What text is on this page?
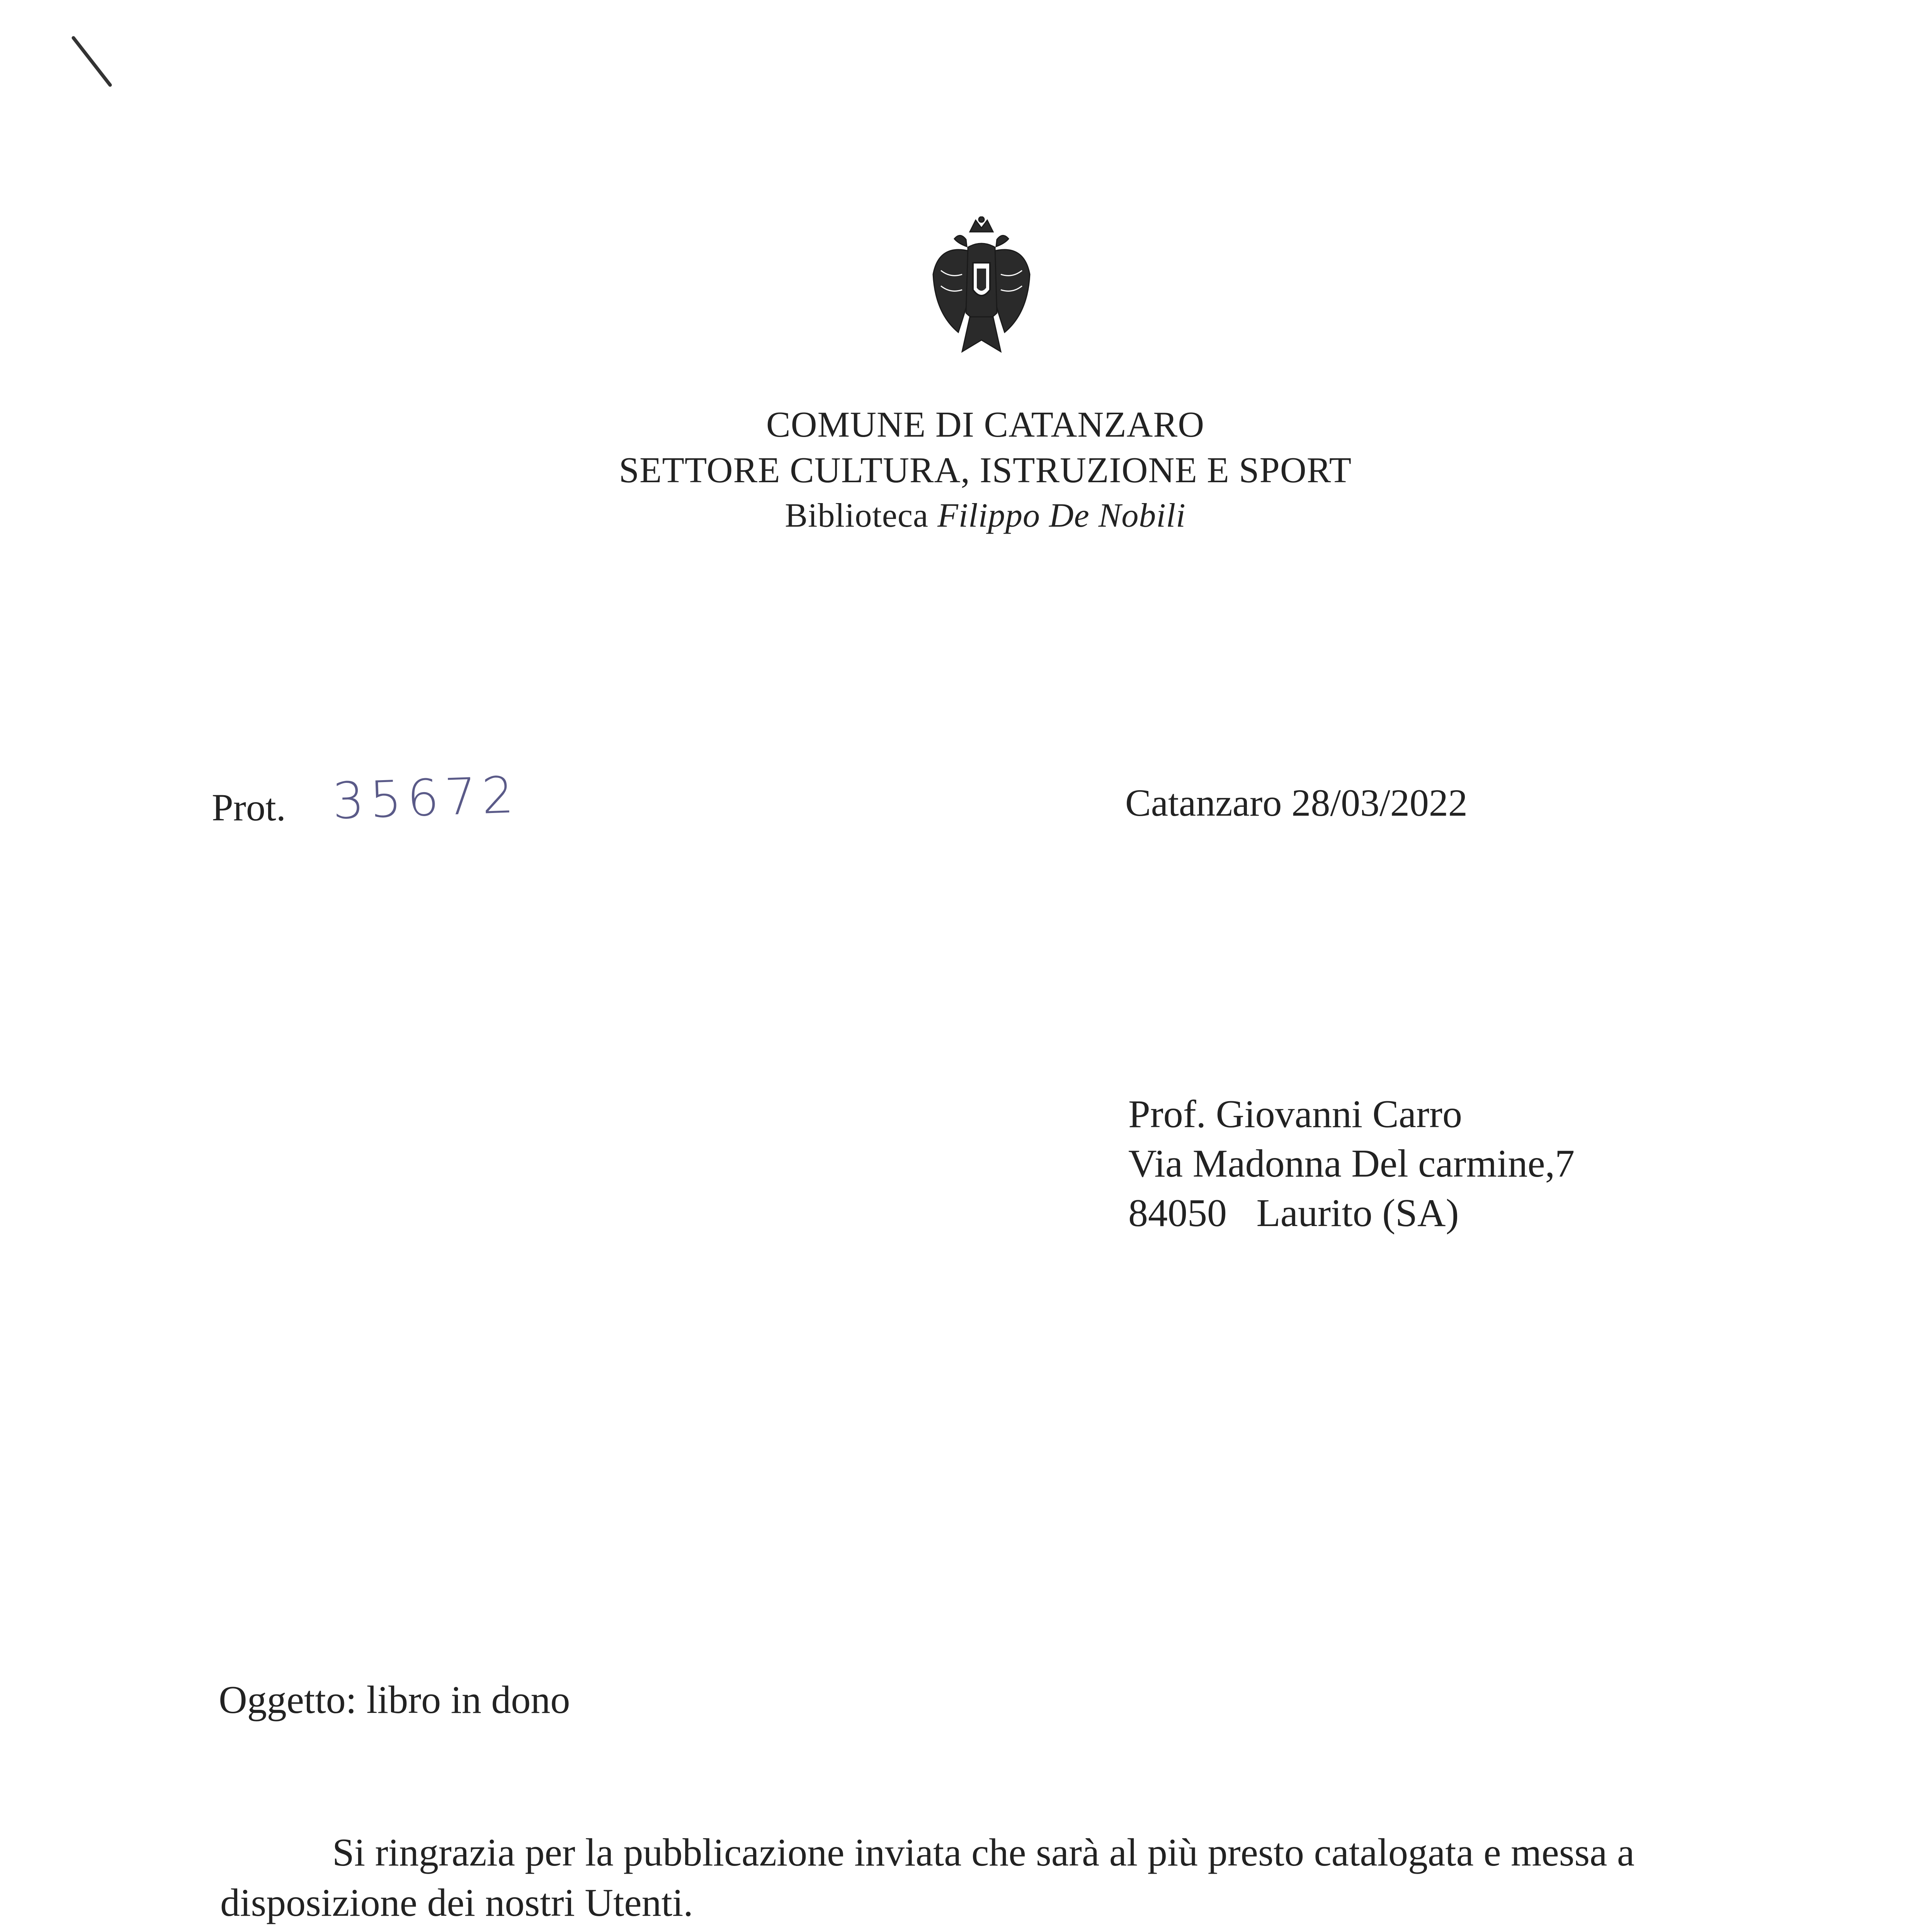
COMUNE DI CATANZARO
SETTORE CULTURA, ISTRUZIONE E SPORT
Biblioteca Filippo De Nobili
Prot. 35672	Catanzaro 28/03/2022
Prof. Giovanni Carro
Via Madonna Del carmine,7
84050   Laurito (SA)
Oggetto: libro in dono
Si ringrazia per la pubblicazione inviata che sarà al più presto catalogata e messa a disposizione dei nostri Utenti.
